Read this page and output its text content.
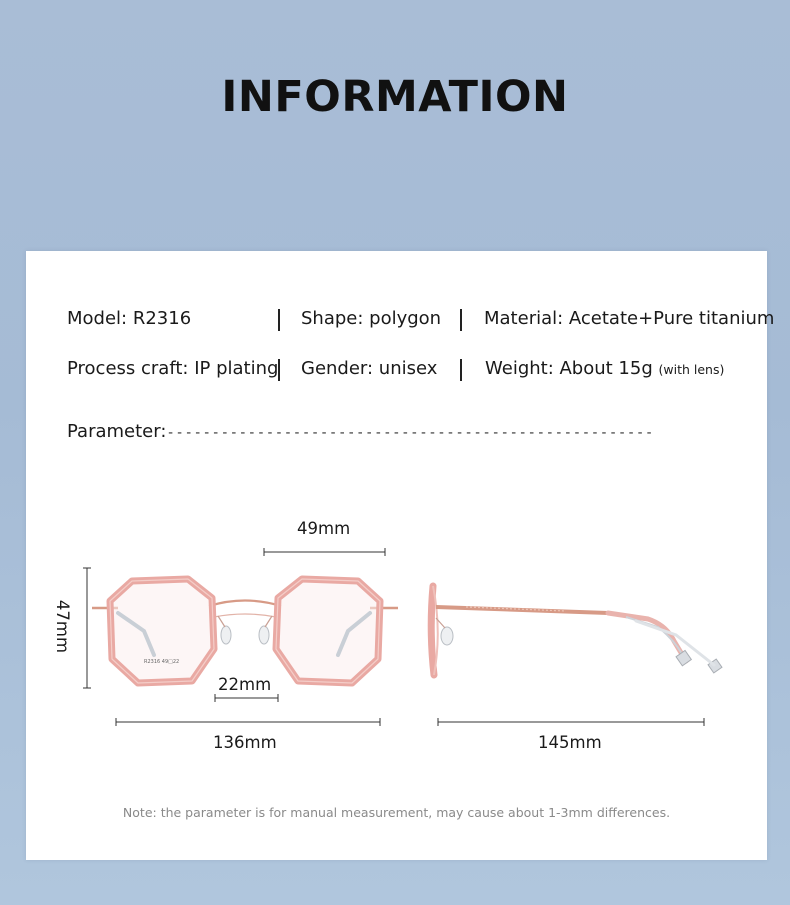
INFORMATION
Model: R2316	Shape: polygon Material: Acetate+Pure titanium
Process craft: IP plating Gender: unisex	Weight: About 15g (with lens)
Parameter:------------------------------------------------------
R2316 49□22
49mm
47mm
22mm
136mm	145mm
Note: the parameter is for manual measurement, may cause about 1-3mm differences.
